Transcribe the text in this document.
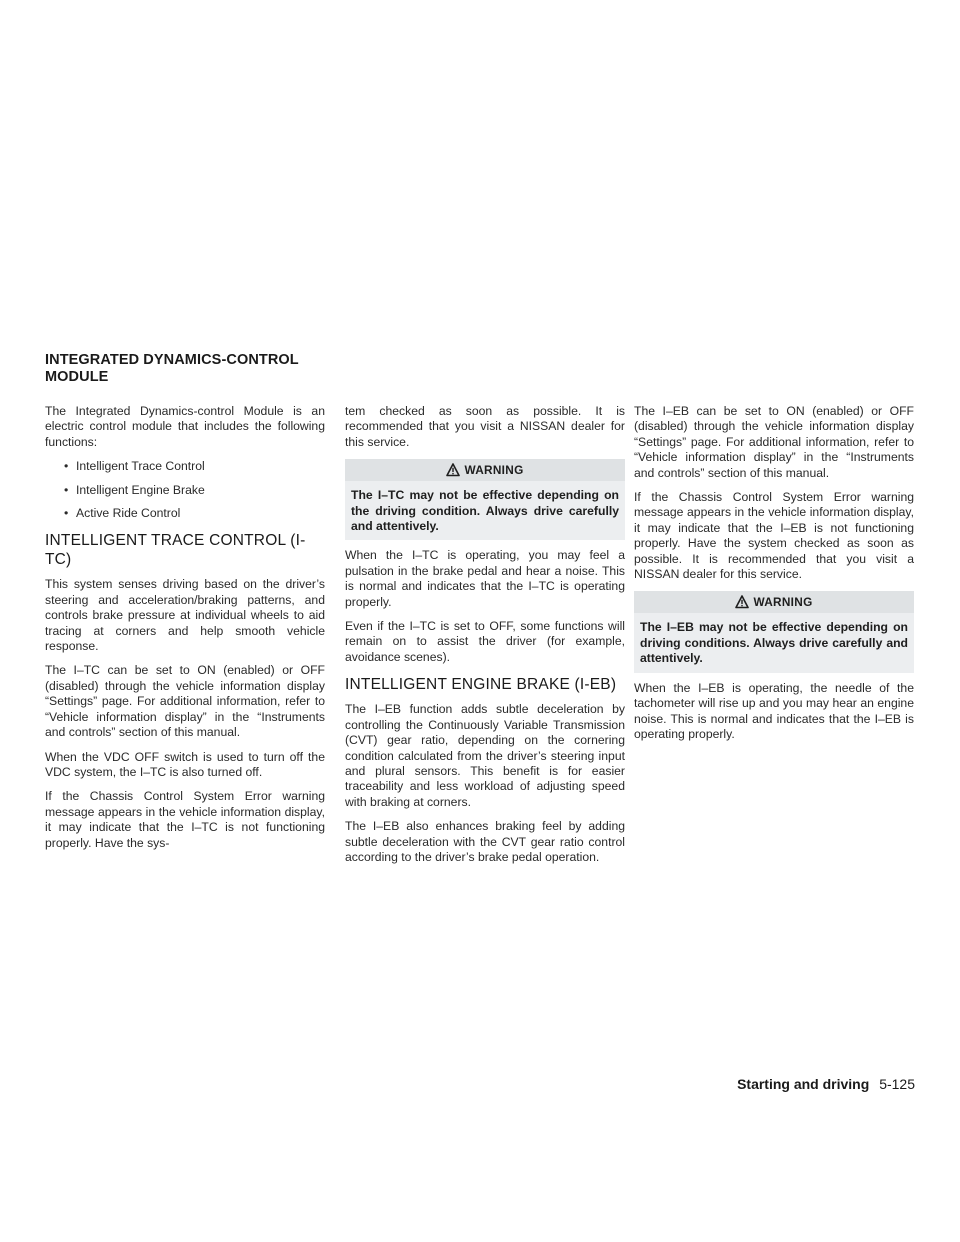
INTEGRATED DYNAMICS-CONTROL MODULE

The Integrated Dynamics-control Module is an electric control module that includes the following functions:

• Intelligent Trace Control
• Intelligent Engine Brake
• Active Ride Control
INTELLIGENT TRACE CONTROL (I-TC)

This system senses driving based on the driver’s steering and acceleration/braking patterns, and controls brake pressure at individual wheels to aid tracing at corners and help smooth vehicle response.

The I–TC can be set to ON (enabled) or OFF (disabled) through the vehicle information display “Settings” page. For additional information, refer to “Vehicle information display” in the “Instruments and controls” section of this manual.

When the VDC OFF switch is used to turn off the VDC system, the I–TC is also turned off.

If the Chassis Control System Error warning message appears in the vehicle information display, it may indicate that the I–TC is not functioning properly. Have the sys-

tem checked as soon as possible. It is recommended that you visit a NISSAN dealer for this service.

WARNING
The I–TC may not be effective depending on the driving condition. Always drive carefully and attentively.

When the I–TC is operating, you may feel a pulsation in the brake pedal and hear a noise. This is normal and indicates that the I–TC is operating properly.

Even if the I–TC is set to OFF, some functions will remain on to assist the driver (for example, avoidance scenes).

INTELLIGENT ENGINE BRAKE (I-EB)

The I–EB function adds subtle deceleration by controlling the Continuously Variable Transmission (CVT) gear ratio, depending on the cornering condition calculated from the driver’s steering input and plural sensors. This benefit is for easier traceability and less workload of adjusting speed with braking at corners.

The I–EB also enhances braking feel by adding subtle deceleration with the CVT gear ratio control according to the driver’s brake pedal operation.

The I–EB can be set to ON (enabled) or OFF (disabled) through the vehicle information display “Settings” page. For additional information, refer to “Vehicle information display” in the “Instruments and controls” section of this manual.

If the Chassis Control System Error warning message appears in the vehicle information display, it may indicate that the I–EB is not functioning properly. Have the system checked as soon as possible. It is recommended that you visit a NISSAN dealer for this service.

WARNING
The I–EB may not be effective depending on driving conditions. Always drive carefully and attentively.

When the I–EB is operating, the needle of the tachometer will rise up and you may hear an engine noise. This is normal and indicates that the I–EB is operating properly.

Starting and driving 5-125
